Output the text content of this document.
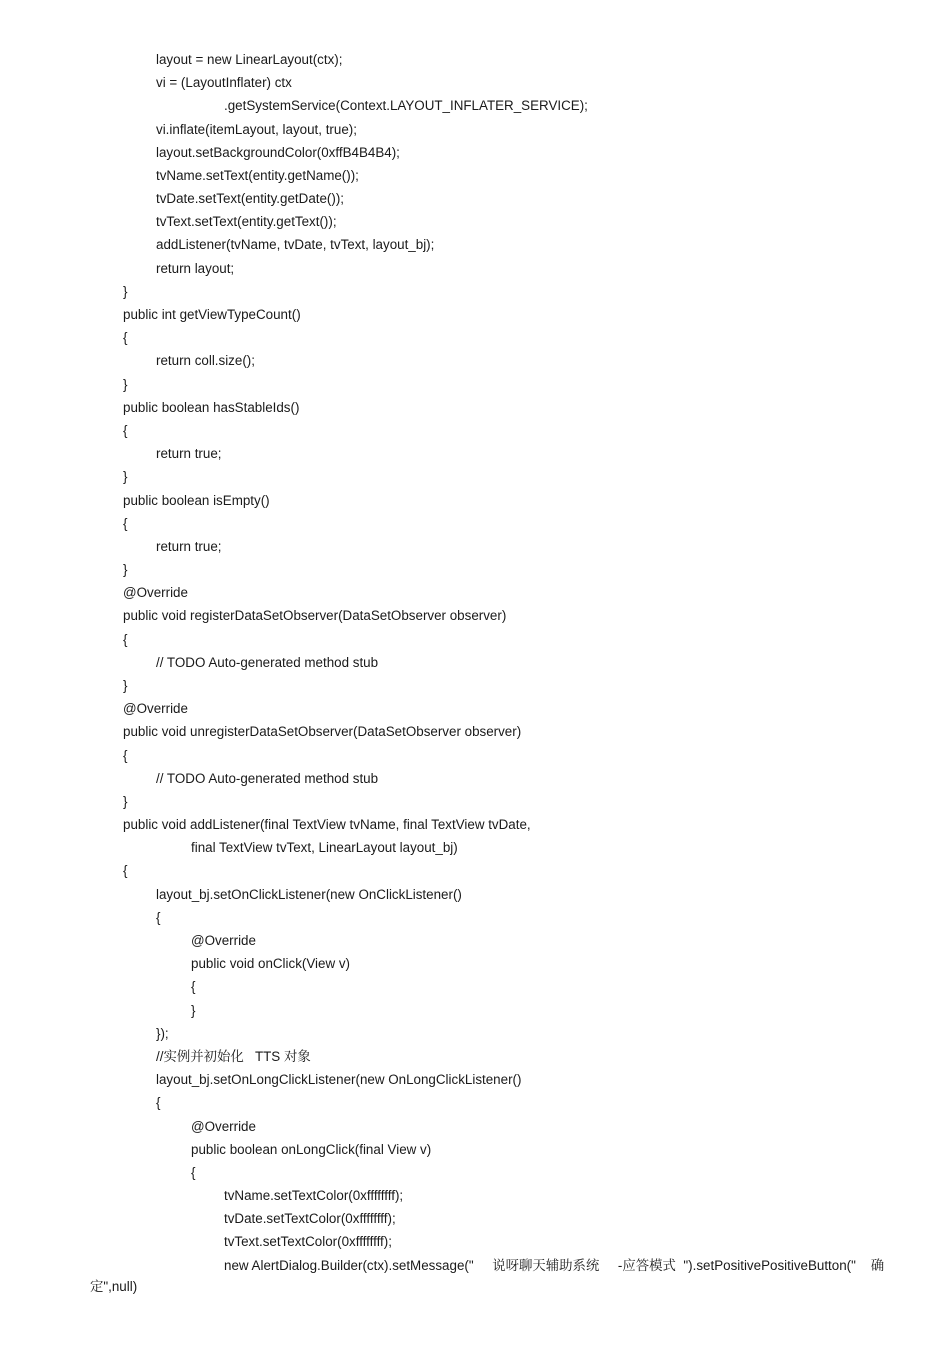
layout = new LinearLayout(ctx);
vi = (LayoutInflater) ctx
.getSystemService(Context.LAYOUT_INFLATER_SERVICE);
vi.inflate(itemLayout, layout, true);
layout.setBackgroundColor(0xffB4B4B4);
tvName.setText(entity.getName());
tvDate.setText(entity.getDate());
tvText.setText(entity.getText());
addListener(tvName, tvDate, tvText, layout_bj);
return layout;
}
public int getViewTypeCount()
{
return coll.size();
}
public boolean hasStableIds()
{
return true;
}
public boolean isEmpty()
{
return true;
}
@Override
public void registerDataSetObserver(DataSetObserver observer)
{
// TODO Auto-generated method stub
}
@Override
public void unregisterDataSetObserver(DataSetObserver observer)
{
// TODO Auto-generated method stub
}
public void addListener(final TextView tvName, final TextView tvDate,
final TextView tvText, LinearLayout layout_bj)
{
layout_bj.setOnClickListener(new OnClickListener()
{
@Override
public void onClick(View v)
{
}
});
//实例并初始化   TTS 对象
layout_bj.setOnLongClickListener(new OnLongClickListener()
{
@Override
public boolean onLongClick(final View v)
{
tvName.setTextColor(0xffffffff);
tvDate.setTextColor(0xffffffff);
tvText.setTextColor(0xffffffff);
new AlertDialog.Builder(ctx).setMessage("     说呀聊天辅助系统     -应答模式  ").setPositivePositiveButton("    确
定",null)
